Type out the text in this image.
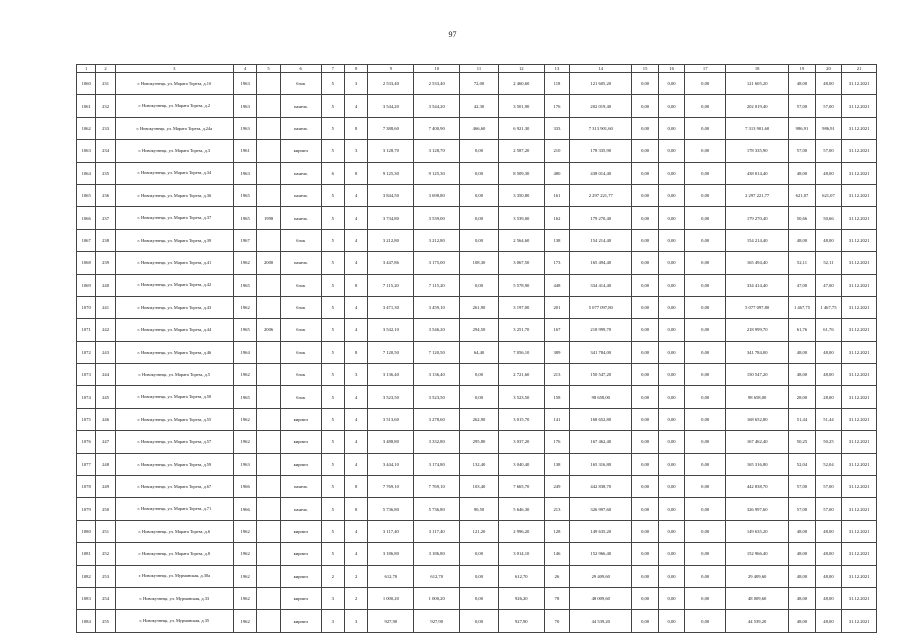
97
1	2	3	4	5	6	7	8	9	10	11	12	13	14	15	16	17	18	19	20	21
1060	231	г. Новокузнецк, ул. Марата Тореза, д.1б	1963		блок	5	3	2 533,40	2 533,40	72,00	2 460,60	118	121 605,20	0,00	0,00	0,00	121 605,20	48,00	48,00	31.12.2021
1061	232	г. Новокузнецк, ул. Марата Тореза, д.2	1963		панель	5	4	3 544,20	3 544,20	42,30	3 501,90	176	202 019,40	0,00	0,00	0,00	202 019,40	57,00	57,00	31.12.2021
1062	233	г. Новокузнецк, ул. Марата Тореза, д.24а	1963		панель	5	8	7 388,60	7 400,90	466,60	6 921,30	333	7 313 901,60	0,00	0,00	0,00	7 313 901,60	986,91	986,91	31.12.2021
1063	234	г. Новокузнецк, ул. Марата Тореза, д.3	1961		кирпич	5	3	3 128,70	3 128,70	0,00	2 587,20	210	178 335,90	0,00	0,00	0,00	178 335,90	57,00	57,00	31.12.2021
1064	235	г. Новокузнецк, ул. Марата Тореза, д.34	1963		панель	6	8	9 125,30	9 125,30	0,00	8 509,30	480	438 014,40	0,00	0,00	0,00	438 014,40	48,00	48,00	31.12.2021
1065	236	г. Новокузнецк, ул. Марата Тореза, д.36	1965		панель	5	4	3 844,50	3 698,80	0,00	3 350,80	161	2 297 221,77	0,00	0,00	0,00	2 297 221,77	621,07	621,07	31.12.2021
1066	237	г. Новокузнецк, ул. Марата Тореза, д.37	1965	1998	панель	5	4	3 734,80	3 539,00	0,00	3 539,00	162	179 270,40	0,00	0,00	0,00	179 270,40	50,66	50,66	31.12.2021
1067	238	г. Новокузнецк, ул. Марата Тореза, д.39	1967		блок	5	4	3 212,80	3 212,80	0,00	2 564,60	138	154 214,40	0,00	0,00	0,00	154 214,40	48,00	48,00	31.12.2021
1068	239	г. Новокузнецк, ул. Марата Тореза, д.41	1962	2000	панель	5	4	3 447,86	3 175,00	108,30	3 067,50	173	165 494,40	0,00	0,00	0,00	165 494,40	52,11	52,11	31.12.2021
1069	240	г. Новокузнецк, ул. Марата Тореза, д.42	1965		блок	5	8	7 115,20	7 115,20	0,00	5 578,90	448	334 414,40	0,00	0,00	0,00	334 414,40	47,00	47,00	31.12.2021
1070	241	г. Новокузнецк, ул. Марата Тореза, д.43	1962		блок	5	4	3 471,30	3 459,10	261,90	3 197,00	201	5 077 097,80	0,00	0,00	0,00	5 077 097,80	1 467,75	1 467,75	31.12.2021
1071	242	г. Новокузнецк, ул. Марата Тореза, д.44	1965	2006	блок	5	4	3 542,10	3 546,20	294,50	3 251,70	167	218 999,70	0,00	0,00	0,00	218 999,70	61,76	61,76	31.12.2021
1072	243	г. Новокузнецк, ул. Марата Тореза, д.46	1964		блок	5	8	7 120,50	7 120,50	64,40	7 056,10	389	341 784,00	0,00	0,00	0,00	341 784,00	48,00	48,00	31.12.2021
1073	244	г. Новокузнецк, ул. Марата Тореза, д.5	1962		блок	5	3	3 136,40	3 136,40	0,00	2 721,60	213	150 547,20	0,00	0,00	0,00	150 547,20	48,00	48,00	31.12.2021
1074	245	г. Новокузнецк, ул. Марата Тореза, д.50	1965		блок	5	4	3 523,50	3 523,50	0,00	3 523,50	158	98 658,00	0,00	0,00	0,00	98 658,00	28,00	28,00	31.12.2021
1075	246	г. Новокузнецк, ул. Марата Тореза, д.55	1962		кирпич	5	4	3 513,60	3 278,60	262,90	3 015,70	141	168 652,80	0,00	0,00	0,00	168 652,80	51,44	51,44	31.12.2021
1076	247	г. Новокузнецк, ул. Марата Тореза, д.57	1962		кирпич	5	4	3 488,80	3 332,80	295,80	3 037,20	176	167 462,40	0,00	0,00	0,00	167 462,40	50,25	50,25	31.12.2021
1077	248	г. Новокузнецк, ул. Марата Тореза, д.59	1963		кирпич	5	4	3 444,10	3 174,80	132,40	3 040,40	138	165 316,80	0,00	0,00	0,00	165 316,80	52,04	52,04	31.12.2021
1078	249	г. Новокузнецк, ул. Марата Тореза, д.67	1966		панель	5	8	7 769,10	7 769,10	103,40	7 665,70	249	442 838,70	0,00	0,00	0,00	442 838,70	57,00	57,00	31.12.2021
1079	250	г. Новокузнецк, ул. Марата Тореза, д.71	1966		панель	5	8	5 736,80	5 736,80	90,50	5 646,30	213	326 997,60	0,00	0,00	0,00	326 997,60	57,00	57,00	31.12.2021
1080	251	г. Новокузнецк, ул. Марата Тореза, д.6	1962		кирпич	5	4	3 117,40	3 117,40	121,20	2 996,20	128	149 635,20	0,00	0,00	0,00	149 635,20	48,00	48,00	31.12.2021
1081	252	г. Новокузнецк, ул. Марата Тореза, д.8	1962		кирпич	5	4	3 186,80	3 186,80	0,00	3 014,10	146	152 966,40	0,00	0,00	0,00	152 966,40	48,00	48,00	31.12.2021
1082	253	г. Новокузнецк, ул. Мурманская, д.30а	1962		кирпич	2	2	612,70	612,70	0,00	612,70	26	29 409,60	0,00	0,00	0,00	29 409,60	48,00	48,00	31.12.2021
1083	254	г. Новокузнецк, ул. Мурманская, д.33	1962		кирпич	3	2	1 000,20	1 000,20	0,00	926,20	78	48 009,60	0,00	0,00	0,00	48 009,60	48,00	48,00	31.12.2021
1084	255	г. Новокузнецк, ул. Мурманская, д.35	1962		кирпич	3	3	927,90	927,90	0,00	927,90	70	44 539,20	0,00	0,00	0,00	44 539,20	48,00	48,00	31.12.2021
